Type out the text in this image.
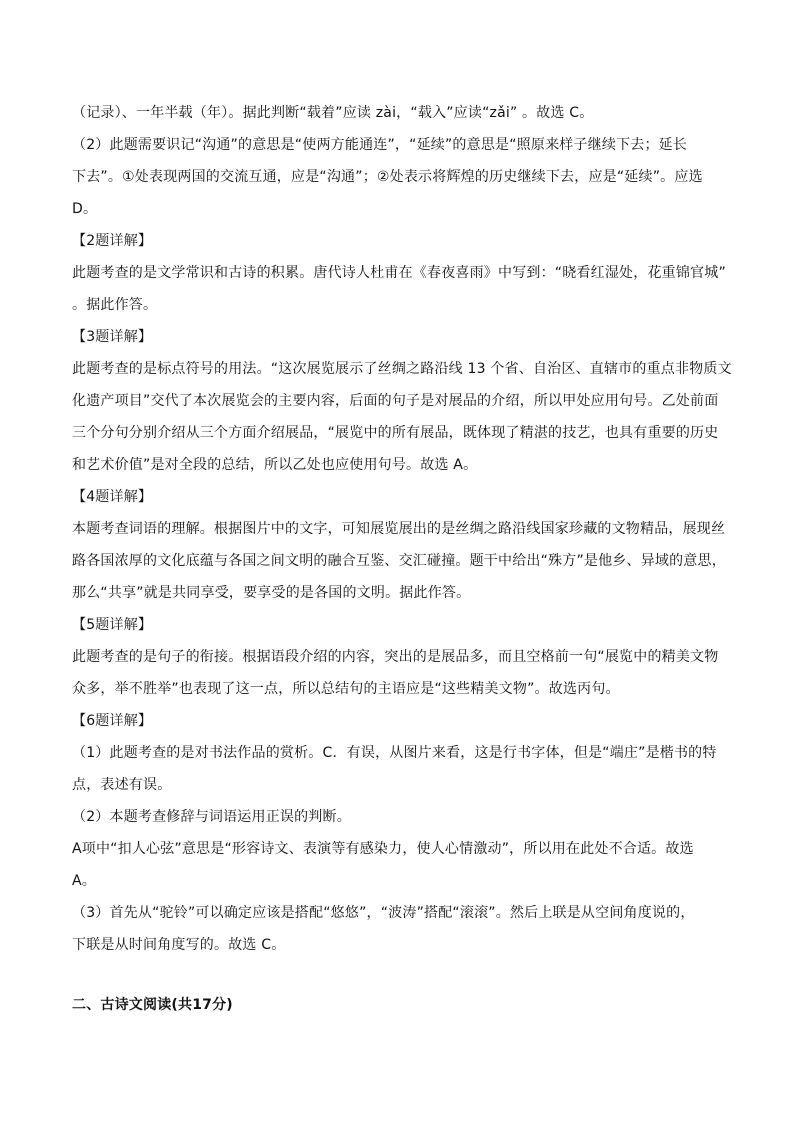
（记录）、一年半载（年）。据此判断“载着”应读 zài，“载入”应读“zǎi” 。故选 C。
（2）此题需要识记“沟通”的意思是“使两方能通连”，“延续”的意思是“照原来样子继续下去；延长
下去”。①处表现两国的交流互通，应是“沟通”；②处表示将辉煌的历史继续下去，应是“延续”。应选
D。
【2题详解】
此题考查的是文学常识和古诗的积累。唐代诗人杜甫在《春夜喜雨》中写到：“晓看红湿处，花重锦官城”
。据此作答。
【3题详解】
此题考查的是标点符号的用法。“这次展览展示了丝绸之路沿线 13 个省、自治区、直辖市的重点非物质文
化遗产项目”交代了本次展览会的主要内容，后面的句子是对展品的介绍，所以甲处应用句号。乙处前面
三个分句分别介绍从三个方面介绍展品，“展览中的所有展品，既体现了精湛的技艺，也具有重要的历史
和艺术价值”是对全段的总结，所以乙处也应使用句号。故选 A。
【4题详解】
本题考查词语的理解。根据图片中的文字，可知展览展出的是丝绸之路沿线国家珍藏的文物精品，展现丝
路各国浓厚的文化底蕴与各国之间文明的融合互鉴、交汇碰撞。题干中给出“殊方”是他乡、异域的意思，
那么“共享”就是共同享受，要享受的是各国的文明。据此作答。
【5题详解】
此题考查的是句子的衔接。根据语段介绍的内容，突出的是展品多，而且空格前一句“展览中的精美文物
众多，举不胜举”也表现了这一点，所以总结句的主语应是“这些精美文物”。故选丙句。
【6题详解】
（1）此题考查的是对书法作品的赏析。C．有误，从图片来看，这是行书字体，但是“端庄”是楷书的特
点，表述有误。
（2）本题考查修辞与词语运用正误的判断。
A项中“扣人心弦”意思是“形容诗文、表演等有感染力，使人心情激动”，所以用在此处不合适。故选
A。
（3）首先从“驼铃”可以确定应该是搭配“悠悠”，“波涛”搭配“滚滚”。然后上联是从空间角度说的，
下联是从时间角度写的。故选 C。
二、古诗文阅读(共17分)
